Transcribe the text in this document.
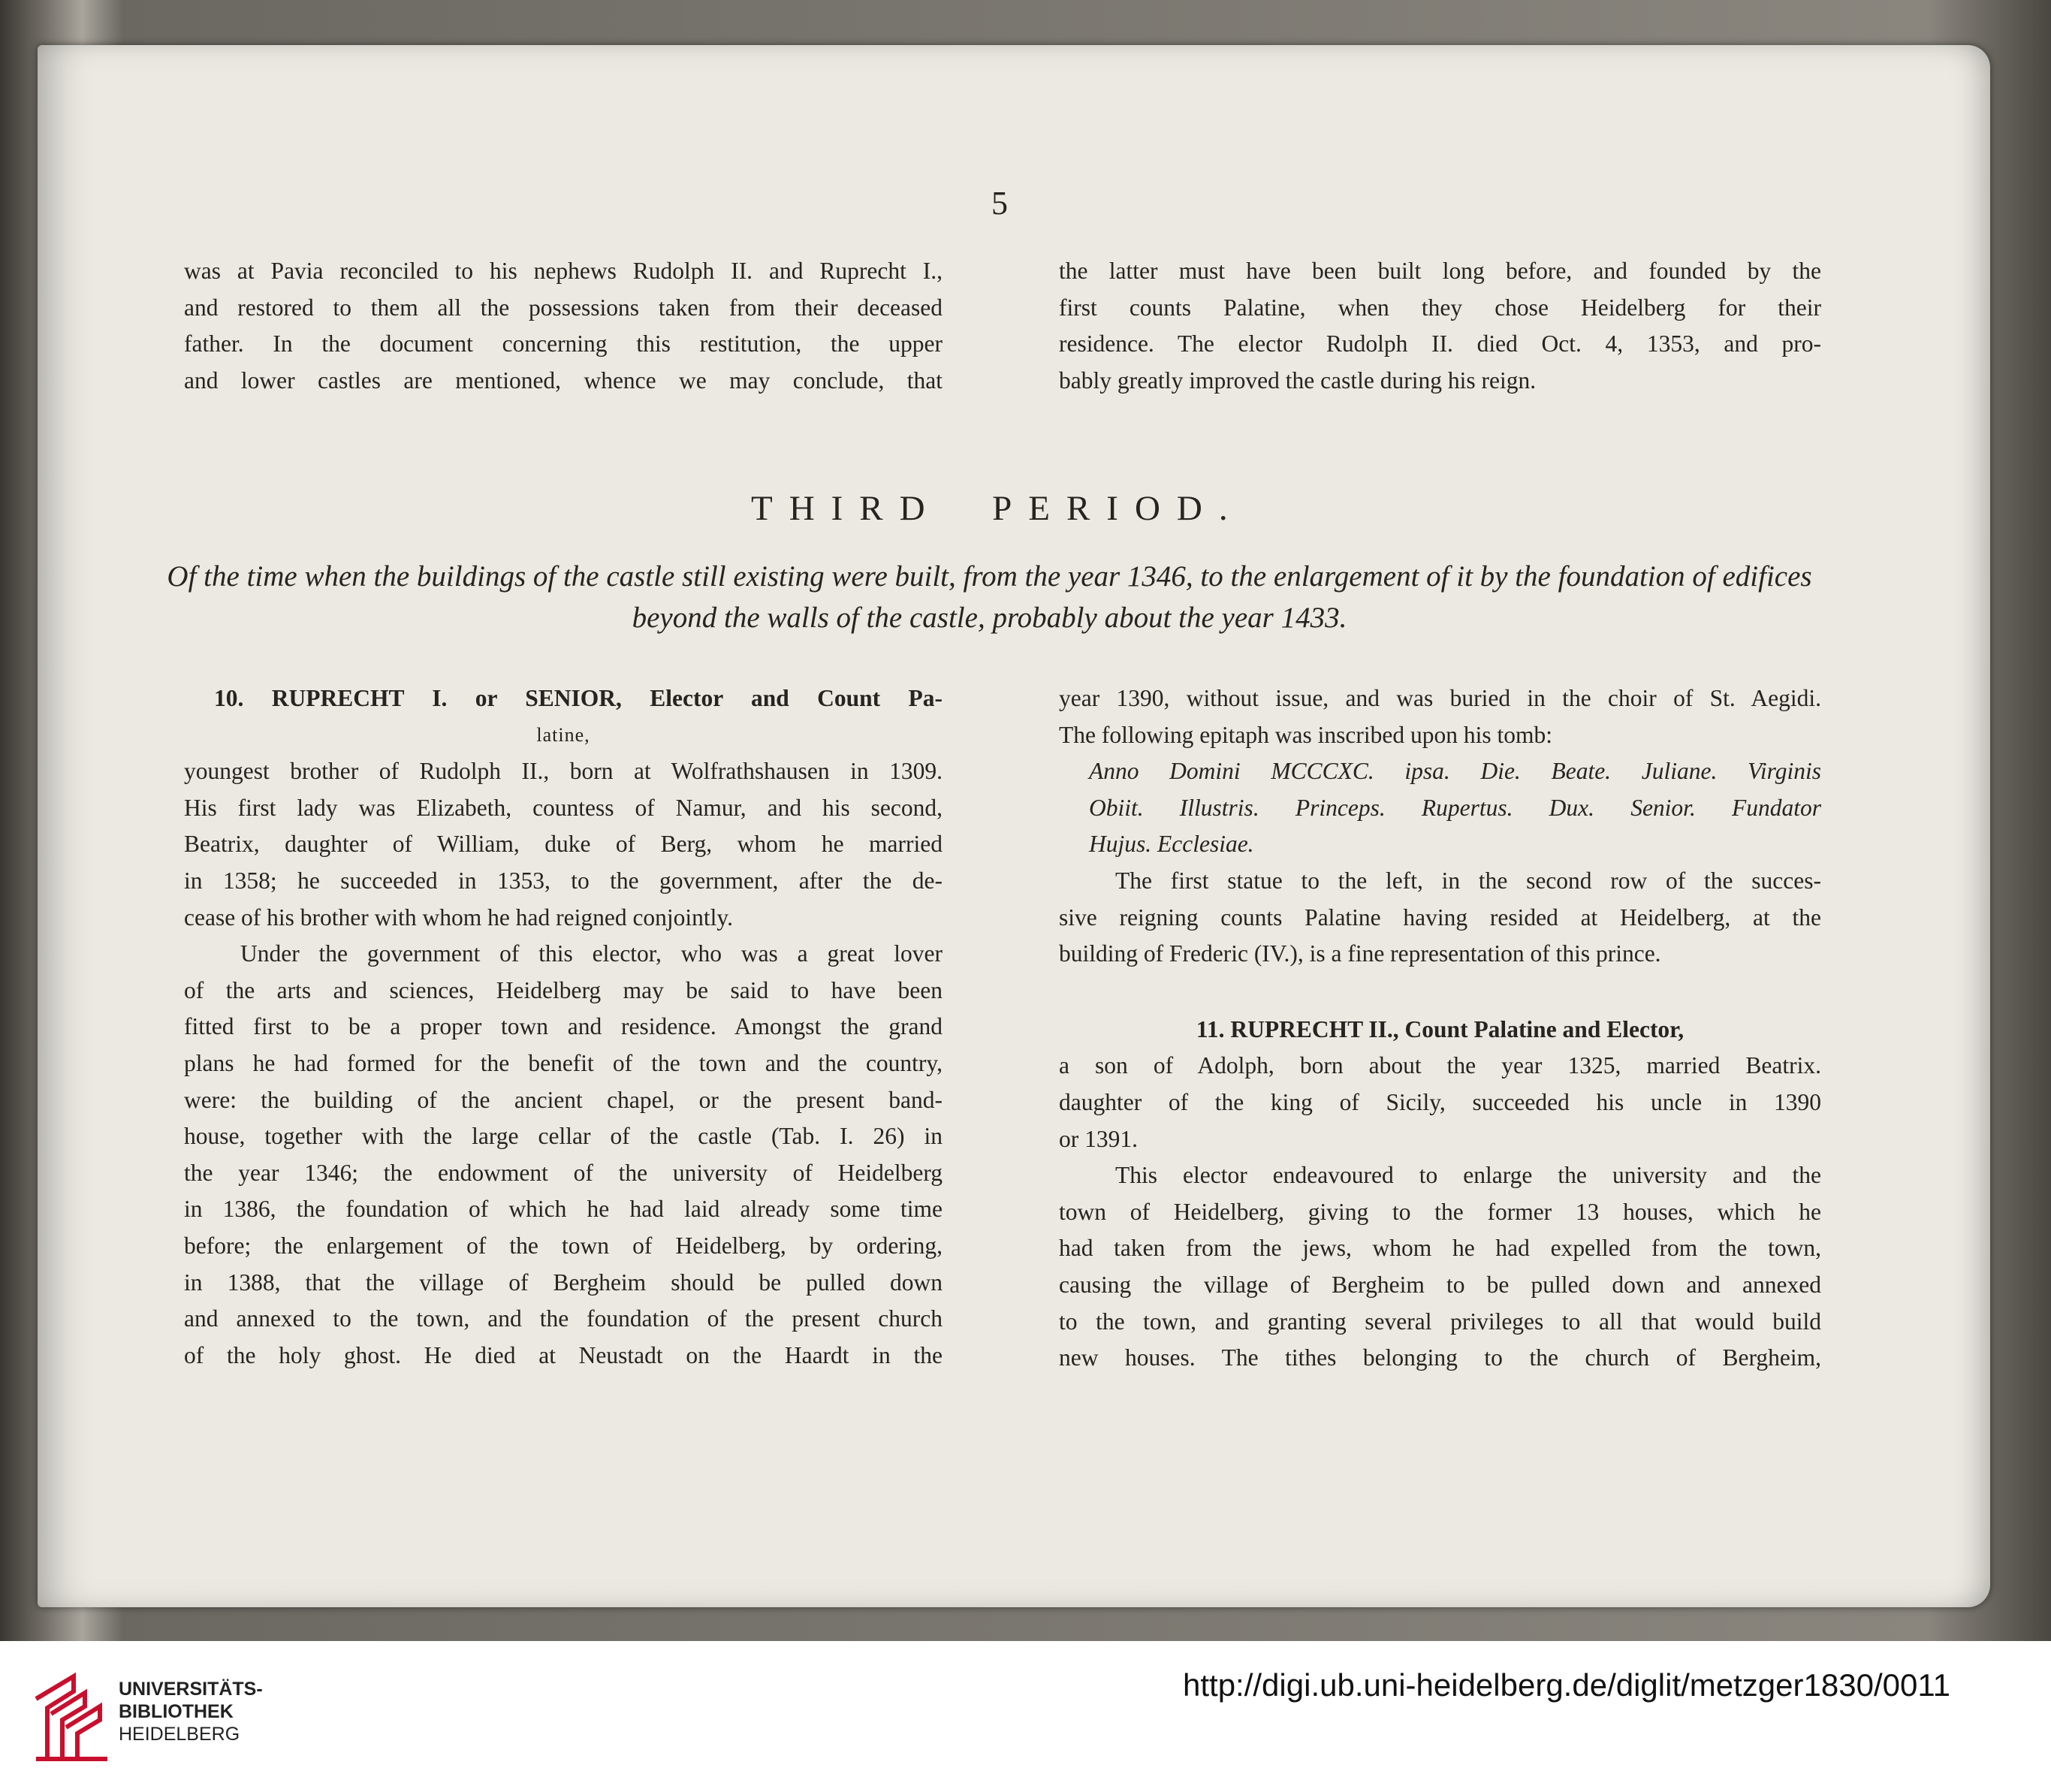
5

was at Pavia reconciled to his nephews Rudolph II. and Ruprecht I.,

and restored to them all the possessions taken from their deceased

father. In the document concerning this restitution, the upper

and lower castles are mentioned, whence we may conclude, that

the latter must have been built long before, and founded by the

first counts Palatine, when they chose Heidelberg for their

residence. The elector Rudolph II. died Oct. 4, 1353, and pro-

bably greatly improved the castle during his reign.

THIRD  PERIOD.
Of the time when the buildings of the castle still existing were built, from the year 1346, to the enlargement of it by the foundation of edifices beyond the walls of the castle, probably about the year 1433.

10. RUPRECHT I. or SENIOR, Elector and Count Pa-

latine,

youngest brother of Rudolph II., born at Wolfrathshausen in 1309.

His first lady was Elizabeth, countess of Namur, and his second,

Beatrix, daughter of William, duke of Berg, whom he married

in 1358; he succeeded in 1353, to the government, after the de-

cease of his brother with whom he had reigned conjointly.

Under the government of this elector, who was a great lover

of the arts and sciences, Heidelberg may be said to have been

fitted first to be a proper town and residence. Amongst the grand

plans he had formed for the benefit of the town and the country,

were: the building of the ancient chapel, or the present band-

house, together with the large cellar of the castle (Tab. I. 26) in

the year 1346; the endowment of the university of Heidelberg

in 1386, the foundation of which he had laid already some time

before; the enlargement of the town of Heidelberg, by ordering,

in 1388, that the village of Bergheim should be pulled down

and annexed to the town, and the foundation of the present church

of the holy ghost. He died at Neustadt on the Haardt in the

year 1390, without issue, and was buried in the choir of St. Aegidi.

The following epitaph was inscribed upon his tomb:

Anno Domini MCCCXC. ipsa. Die. Beate. Juliane. Virginis

Obiit. Illustris. Princeps. Rupertus. Dux. Senior. Fundator

Hujus. Ecclesiae.

The first statue to the left, in the second row of the succes-

sive reigning counts Palatine having resided at Heidelberg, at the

building of Frederic (IV.), is a fine representation of this prince.

11. RUPRECHT II., Count Palatine and Elector,

a son of Adolph, born about the year 1325, married Beatrix.

daughter of the king of Sicily, succeeded his uncle in 1390

or 1391.

This elector endeavoured to enlarge the university and the

town of Heidelberg, giving to the former 13 houses, which he

had taken from the jews, whom he had expelled from the town,

causing the village of Bergheim to be pulled down and annexed

to the town, and granting several privileges to all that would build

new houses. The tithes belonging to the church of Bergheim,

UNIVERSITÄTS-
BIBLIOTHEK
HEIDELBERG
http://digi.ub.uni-heidelberg.de/diglit/metzger1830/0011
